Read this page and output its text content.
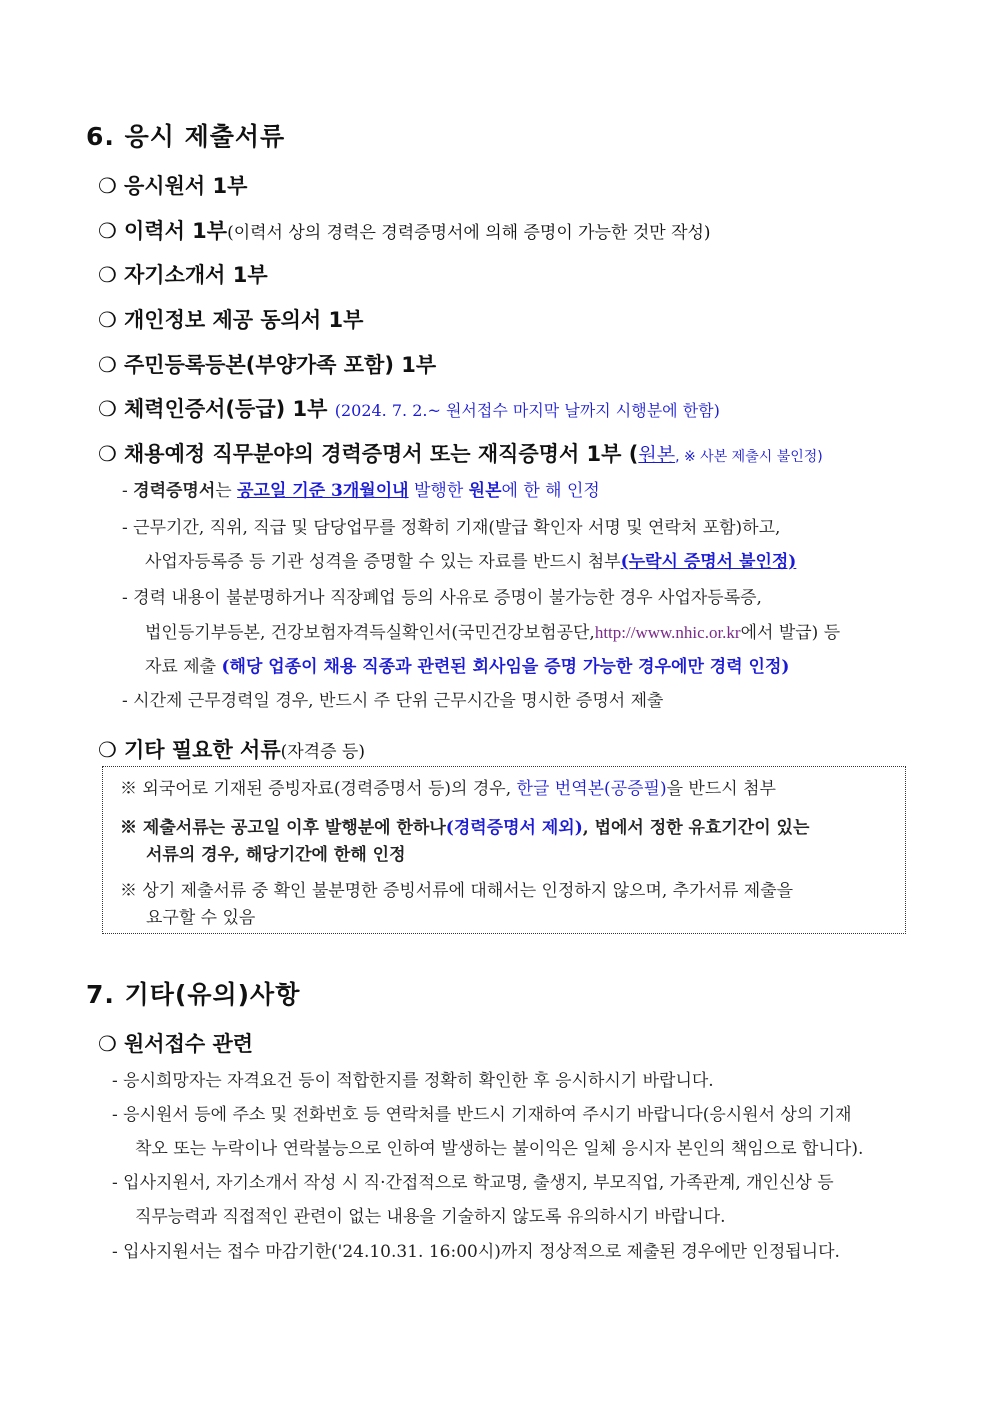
6. 응시 제출서류
❍ 응시원서 1부
❍ 이력서 1부(이력서 상의 경력은 경력증명서에 의해 증명이 가능한 것만 작성)
❍ 자기소개서 1부
❍ 개인정보 제공 동의서 1부
❍ 주민등록등본(부양가족 포함) 1부
❍ 체력인증서(등급) 1부 (2024. 7. 2.~ 원서접수 마지막 날까지 시행분에 한함)
❍ 채용예정 직무분야의 경력증명서 또는 재직증명서 1부 (원본, ※ 사본 제출시 불인정)
- 경력증명서는 공고일 기준 3개월이내 발행한 원본에 한 해 인정
- 근무기간, 직위, 직급 및 담당업무를 정확히 기재(발급 확인자 서명 및 연락처 포함)하고,
사업자등록증 등 기관 성격을 증명할 수 있는 자료를 반드시 첨부(누락시 증명서 불인정)
- 경력 내용이 불분명하거나 직장폐업 등의 사유로 증명이 불가능한 경우 사업자등록증,
법인등기부등본, 건강보험자격득실확인서(국민건강보험공단,http://www.nhic.or.kr에서 발급) 등
자료 제출 (해당 업종이 채용 직종과 관련된 회사임을 증명 가능한 경우에만 경력 인정)
- 시간제 근무경력일 경우, 반드시 주 단위 근무시간을 명시한 증명서 제출
❍ 기타 필요한 서류(자격증 등)
※ 외국어로 기재된 증빙자료(경력증명서 등)의 경우, 한글 번역본(공증필)을 반드시 첨부
※ 제출서류는 공고일 이후 발행분에 한하나(경력증명서 제외), 법에서 정한 유효기간이 있는
서류의 경우, 해당기간에 한해 인정
※ 상기 제출서류 중 확인 불분명한 증빙서류에 대해서는 인정하지 않으며, 추가서류 제출을
요구할 수 있음
7. 기타(유의)사항
❍ 원서접수 관련
- 응시희망자는 자격요건 등이 적합한지를 정확히 확인한 후 응시하시기 바랍니다.
- 응시원서 등에 주소 및 전화번호 등 연락처를 반드시 기재하여 주시기 바랍니다(응시원서 상의 기재
착오 또는 누락이나 연락불능으로 인하여 발생하는 불이익은 일체 응시자 본인의 책임으로 합니다).
- 입사지원서, 자기소개서 작성 시 직·간접적으로 학교명, 출생지, 부모직업, 가족관계, 개인신상 등
직무능력과 직접적인 관련이 없는 내용을 기술하지 않도록 유의하시기 바랍니다.
- 입사지원서는 접수 마감기한('24.10.31. 16:00시)까지 정상적으로 제출된 경우에만 인정됩니다.
